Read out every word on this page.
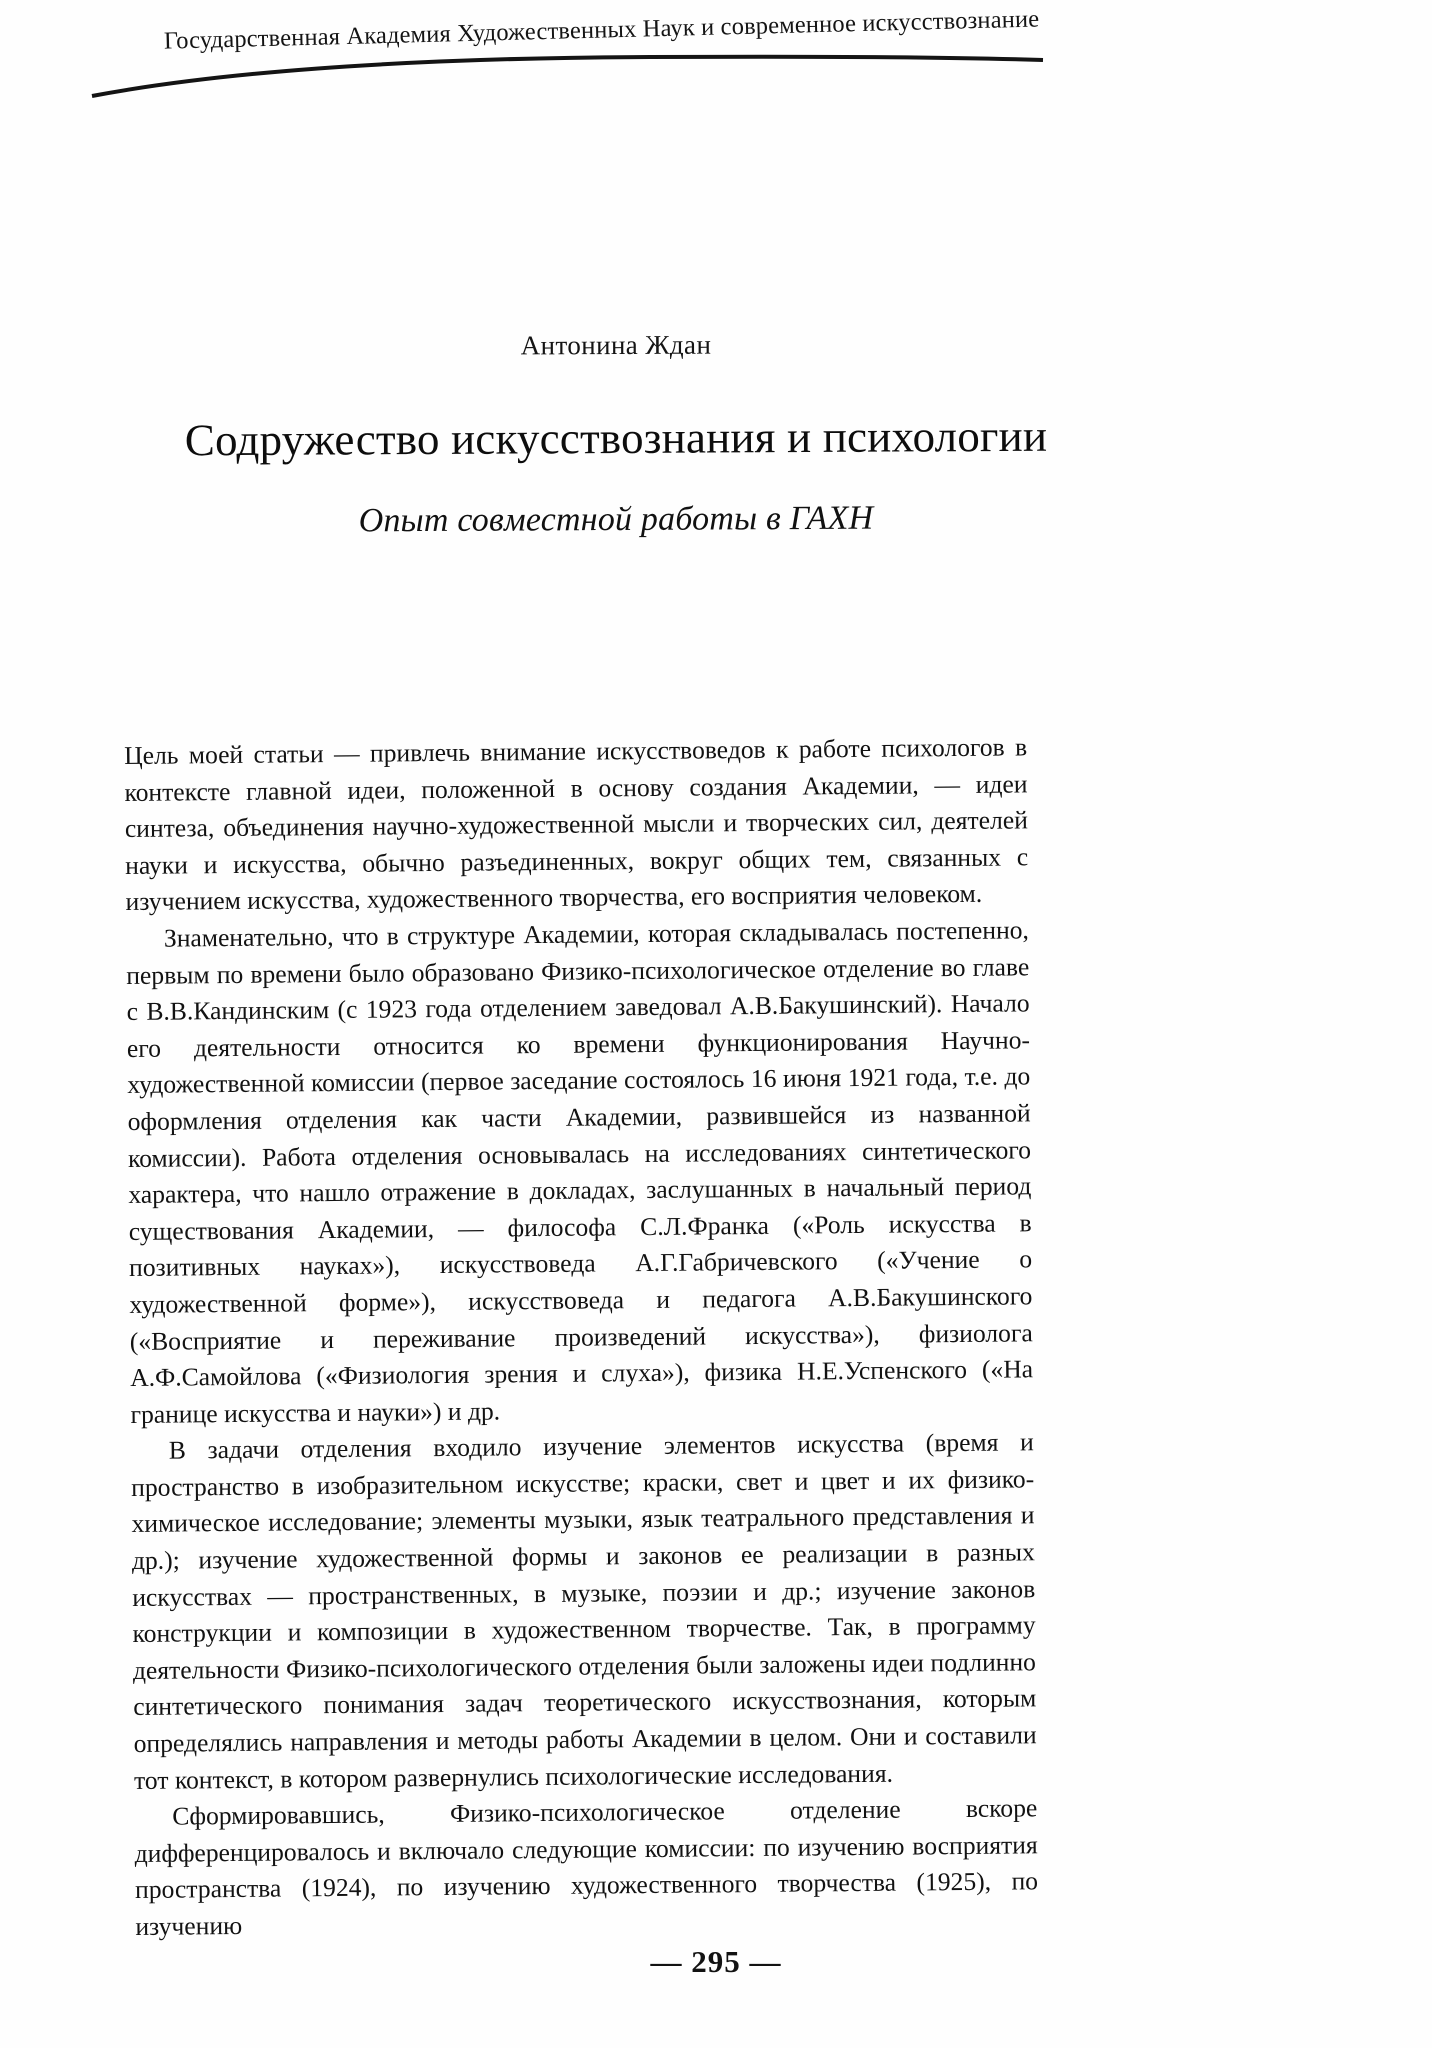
Государственная Академия Художественных Наук и современное искусствознание
Антонина Ждан
Содружество искусствознания и психологии
Опыт совместной работы в ГАХН

Цель моей статьи — привлечь внимание искусствоведов к работе психологов в контексте главной идеи, положенной в основу создания Академии, — идеи синтеза, объединения научно-художественной мысли и творческих сил, деятелей науки и искусства, обычно разъединенных, вокруг общих тем, связанных с изучением искусства, художественного творчества, его восприятия человеком.

Знаменательно, что в структуре Академии, которая складывалась постепенно, первым по времени было образовано Физико-психологическое отделение во главе с В.В.Кандинским (с 1923 года отделением заведовал А.В.Бакушинский). Начало его деятельности относится ко времени функционирования Научно-художественной комиссии (первое заседание состоялось 16 июня 1921 года, т.е. до оформления отделения как части Академии, развившейся из названной комиссии). Работа отделения основывалась на исследованиях синтетического характера, что нашло отражение в докладах, заслушанных в начальный период существования Академии, — философа С.Л.Франка («Роль искусства в позитивных науках»), искусствоведа А.Г.Габричевского («Учение о художественной форме»), искусствоведа и педагога А.В.Бакушинского («Восприятие и переживание произведений искусства»), физиолога А.Ф.Самойлова («Физиология зрения и слуха»), физика Н.Е.Успенского («На границе искусства и науки») и др.

В задачи отделения входило изучение элементов искусства (время и пространство в изобразительном искусстве; краски, свет и цвет и их физико-химическое исследование; элементы музыки, язык театрального представления и др.); изучение художественной формы и законов ее реализации в разных искусствах — пространственных, в музыке, поэзии и др.; изучение законов конструкции и композиции в художественном творчестве. Так, в программу деятельности Физико-психологического отделения были заложены идеи подлинно синтетического понимания задач теоретического искусствознания, которым определялись направления и методы работы Академии в целом. Они и составили тот контекст, в котором развернулись психологические исследования.

Сформировавшись, Физико-психологическое отделение вскоре дифференцировалось и включало следующие комиссии: по изучению восприятия пространства (1924), по изучению художественного творчества (1925), по изучению

— 295 —
